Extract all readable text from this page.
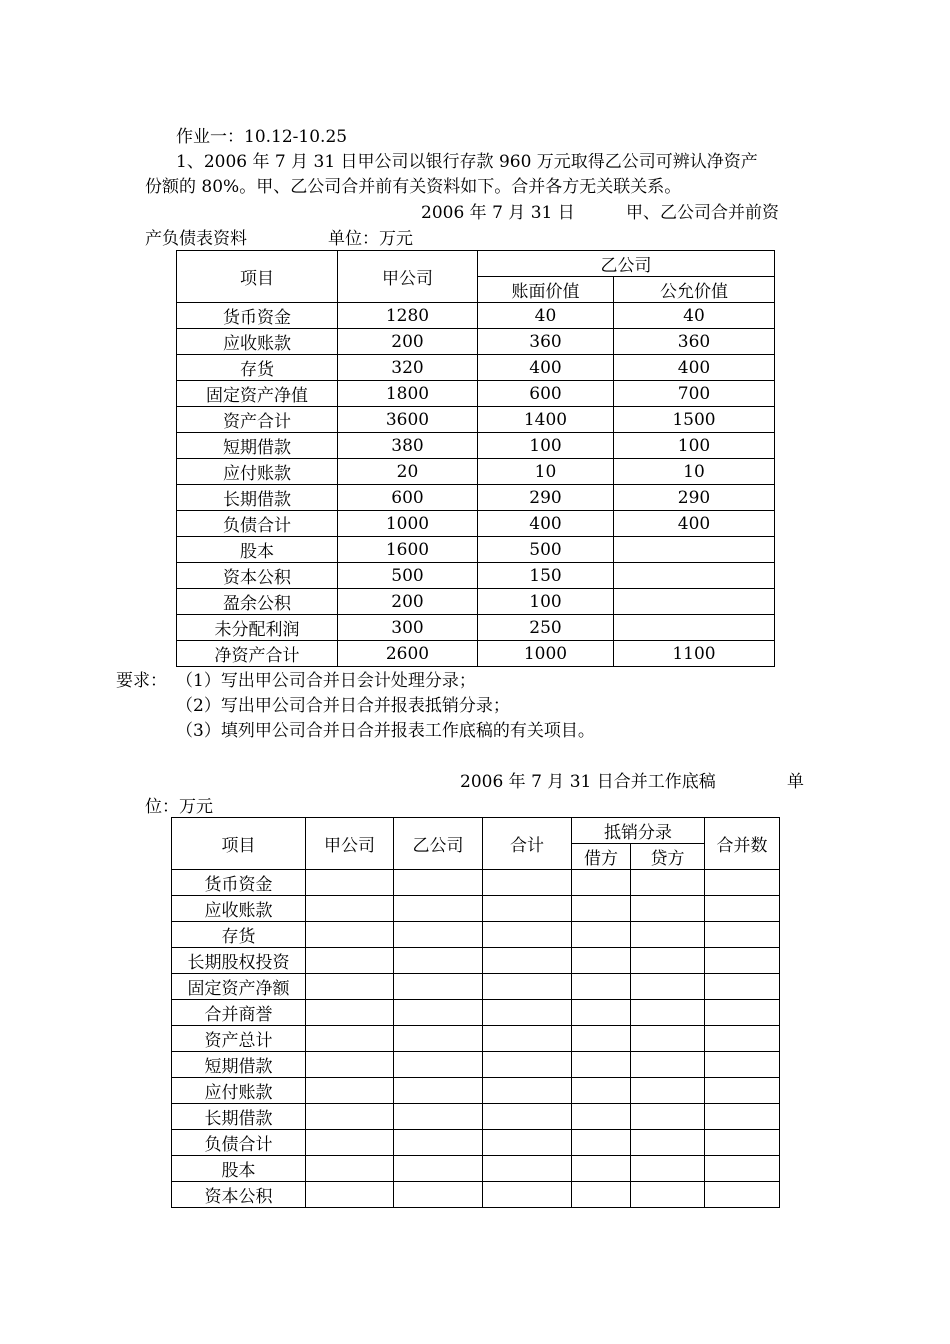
作业一：10.12-10.25
1、2006 年 7 月 31 日甲公司以银行存款 960 万元取得乙公司可辨认净资产
份额的 80%。甲、乙公司合并前有关资料如下。合并各方无关联关系。
2006 年 7 月 31 日	甲、乙公司合并前资
产负债表资料	单位：万元
项目	甲公司	乙公司	
		账面价值	公允价值
货币资金	1280	40	40
应收账款	200	360	360
存货	320	400	400
固定资产净值	1800	600	700
资产合计	3600	1400	1500
短期借款	380	100	100
应付账款	20	10	10
长期借款	600	290	290
负债合计	1000	400	400
股本	1600	500	
资本公积	500	150	
盈余公积	200	100	
未分配利润	300	250	
净资产合计	2600	1000	1100
要求： （1）写出甲公司合并日会计处理分录；
（2）写出甲公司合并日合并报表抵销分录；
（3）填列甲公司合并日合并报表工作底稿的有关项目。
2006 年 7 月 31 日合并工作底稿	单
位：万元
项目	甲公司	乙公司	合计	抵销分录		合并数
				借方	贷方	
货币资金						
应收账款						
存货						
长期股权投资						
固定资产净额						
合并商誉						
资产总计						
短期借款						
应付账款						
长期借款						
负债合计						
股本						
资本公积						
